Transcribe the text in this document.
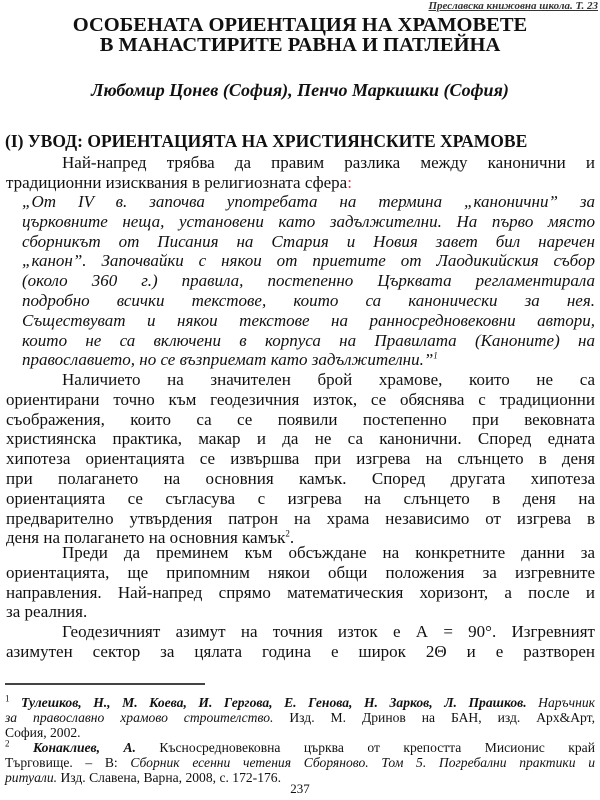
Преславска книжовна школа. Т. 23
ОСОБЕНАТА ОРИЕНТАЦИЯ НА ХРАМОВЕТЕ
В МАНАСТИРИТЕ РАВНА И ПАТЛЕЙНА
Любомир Цонев (София), Пенчо Маркишки (София)
(I) УВОД: ОРИЕНТАЦИЯТА НА ХРИСТИЯНСКИТЕ ХРАМОВЕ
Най-напред трябва да правим разлика между канонични и
традиционни изисквания в религиозната сфера:
„От IV в. започва употребата на термина „канонични” за
църковните неща, установени като задължителни. На първо място
сборникът от Писания на Стария и Новия завет бил наречен
„канон”. Започвайки с някои от приетите от Лаодикийския събор
(около 360 г.) правила, постепенно Църквата регламентирала
подробно всички текстове, които са канонически за нея.
Съществуват и някои текстове на ранносредновековни автори,
които не са включени в корпуса на Правилата (Каноните) на
православието, но се възприемат като задължителни.”$^1$
Наличието на значителен брой храмове, които не са
ориентирани точно към геодезичния изток, се обяснява с традиционни
съображения, които са се появили постепенно при вековната
християнска практика, макар и да не са канонични. Според едната
хипотеза ориентацията се извършва при изгрева на слънцето в деня
при полагането на основния камък. Според другата хипотеза
ориентацията се съгласува с изгрева на слънцето в деня на
предварително утвърдения патрон на храма независимо от изгрева в
деня на полагането на основния камък$^2$.
Преди да преминем към обсъждане на конкретните данни за
ориентацията, ще припомним някои общи положения за изгревните
направления. Най-напред спрямо математическия хоризонт, а после и
за реалния.
Геодезичният азимут на точния изток е А = 90°. Изгревният
азимутен сектор за цялата година е широк 2Θ и е разтворен
$^1$ Тулешков, Н., М. Коева, И. Гергова, Е. Генова, Н. Зарков, Л. Прашков. Наръчник
за православно храмово строителство. Изд. М. Дринов на БАН, изд. Арх&Арт,
София, 2002.
$^2$ Конаклиев, А. Късносредновековна църква от крепостта Мисионис край
Търговище. – В: Сборник есенни четения Сборяново. Том 5. Погребални практики и
ритуали. Изд. Славена, Варна, 2008, с. 172-176.
237
